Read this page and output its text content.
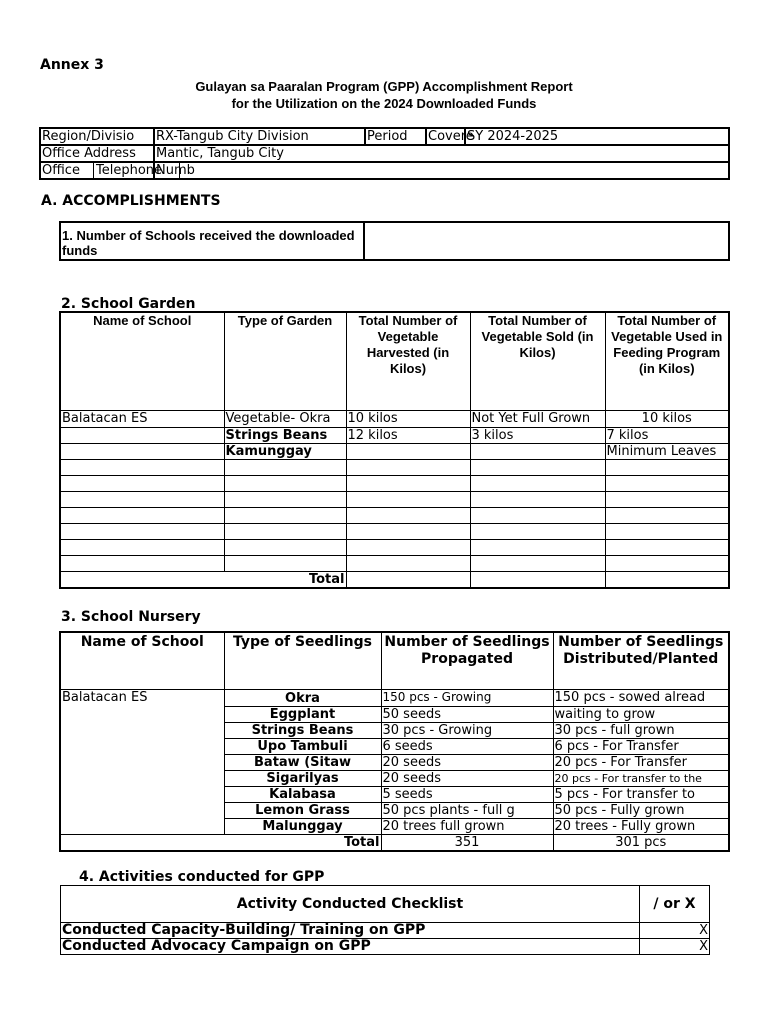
Annex 3
Gulayan sa Paaralan Program (GPP) Accomplishment Report
for the Utilization on the 2024 Downloaded Funds
Region/Divisio	RX-Tangub City Division	Period	Covere	SY 2024-2025
Office Address	Mantic, Tangub City			
Office Telephone	Numb			
A. ACCOMPLISHMENTS
1. Number of Schools received the downloaded funds	
2. School Garden
Name of School	Type of Garden	Total Number of Vegetable Harvested (in Kilos)	Total Number of Vegetable Sold (in Kilos)	Total Number of Vegetable Used in Feeding Program (in Kilos)
Balatacan ES	Vegetable- Okra	10 kilos	Not Yet Full Grown	10 kilos
	Strings Beans	12 kilos	3 kilos	7 kilos
	Kamunggay			Minimum Leaves

Total				
3. School Nursery
Name of School	Type of Seedlings	Number of Seedlings Propagated	Number of Seedlings Distributed/Planted
Balatacan ES	Okra	150 pcs - Growing	150 pcs - sowed alread
	Eggplant	50 seeds	waiting to grow
	Strings Beans	30 pcs - Growing	30 pcs - full grown
	Upo Tambuli	6 seeds	6 pcs - For Transfer
	Bataw (Sitaw	20 seeds	20 pcs - For Transfer
	Sigarilyas	20 seeds	20 pcs - For transfer to the
	Kalabasa	5 seeds	5 pcs - For transfer to
	Lemon Grass	50 pcs plants - full g	50 pcs - Fully grown
	Malunggay	20 trees full grown	20 trees - Fully grown
Total		351	301 pcs
4. Activities conducted for GPP
Activity Conducted Checklist	/ or X
Conducted Capacity-Building/ Training on GPP	X
Conducted Advocacy Campaign on GPP	X
